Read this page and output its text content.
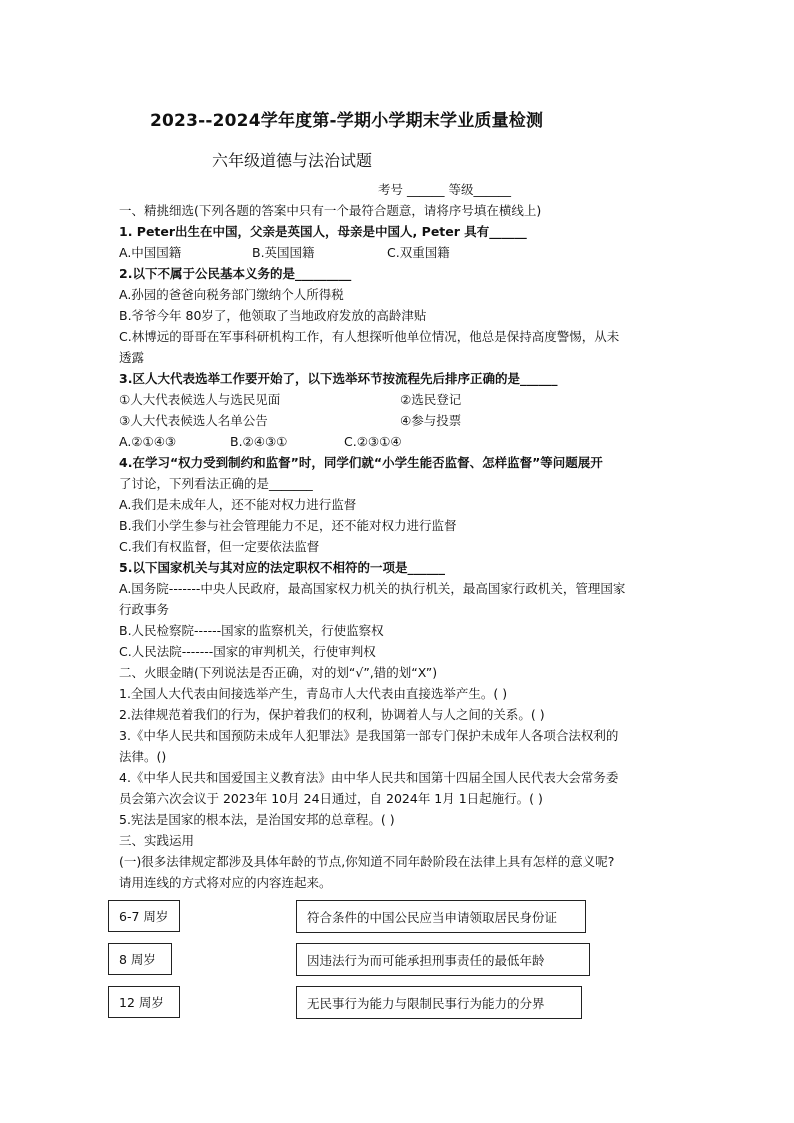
2023--2024学年度第-学期小学期末学业质量检测
六年级道德与法治试题
考号 ______ 等级______
一、精挑细选(下列各题的答案中只有一个最符合题意，请将序号填在横线上)
1. Peter出生在中国，父亲是英国人，母亲是中国人, Peter 具有______
A.中国国籍	B.英国国籍	C.双重国籍
2.以下不属于公民基本义务的是_________
A.孙园的爸爸向税务部门缴纳个人所得税
B.爷爷今年 80岁了，他领取了当地政府发放的高龄津贴
C.林博远的哥哥在军事科研机构工作，有人想探听他单位情况，他总是保持高度警惕，从未
透露
3.区人大代表选举工作要开始了，以下选举环节按流程先后排序正确的是______
①人大代表候选人与选民见面	②选民登记
③人大代表候选人名单公告	④参与投票
A.②①④③	B.②④③①	C.②③①④
4.在学习“权力受到制约和监督”时，同学们就“小学生能否监督、怎样监督”等问题展开
了讨论，下列看法正确的是_______
A.我们是未成年人，还不能对权力进行监督
B.我们小学生参与社会管理能力不足，还不能对权力进行监督
C.我们有权监督，但一定要依法监督
5.以下国家机关与其对应的法定职权不相符的一项是______
A.国务院-------中央人民政府，最高国家权力机关的执行机关，最高国家行政机关，管理国家
行政事务
B.人民检察院------国家的监察机关，行使监察权
C.人民法院-------国家的审判机关，行使审判权
二、火眼金睛(下列说法是否正确，对的划“√”,错的划“X”)
1.全国人大代表由间接选举产生，青岛市人大代表由直接选举产生。( )
2.法律规范着我们的行为，保护着我们的权利，协调着人与人之间的关系。( )
3.《中华人民共和国预防未成年人犯罪法》是我国第一部专门保护未成年人各项合法权利的
法律。()
4.《中华人民共和国爱国主义教育法》由中华人民共和国第十四届全国人民代表大会常务委
员会第六次会议于 2023年 10月 24日通过，自 2024年 1月 1日起施行。( )
5.宪法是国家的根本法，是治国安邦的总章程。( )
三、实践运用
(一)很多法律规定都涉及具体年龄的节点,你知道不同年龄阶段在法律上具有怎样的意义呢?
请用连线的方式将对应的内容连起来。
6-7 周岁
8 周岁
12 周岁
符合条件的中国公民应当申请领取居民身份证
因违法行为而可能承担刑事责任的最低年龄
无民事行为能力与限制民事行为能力的分界
